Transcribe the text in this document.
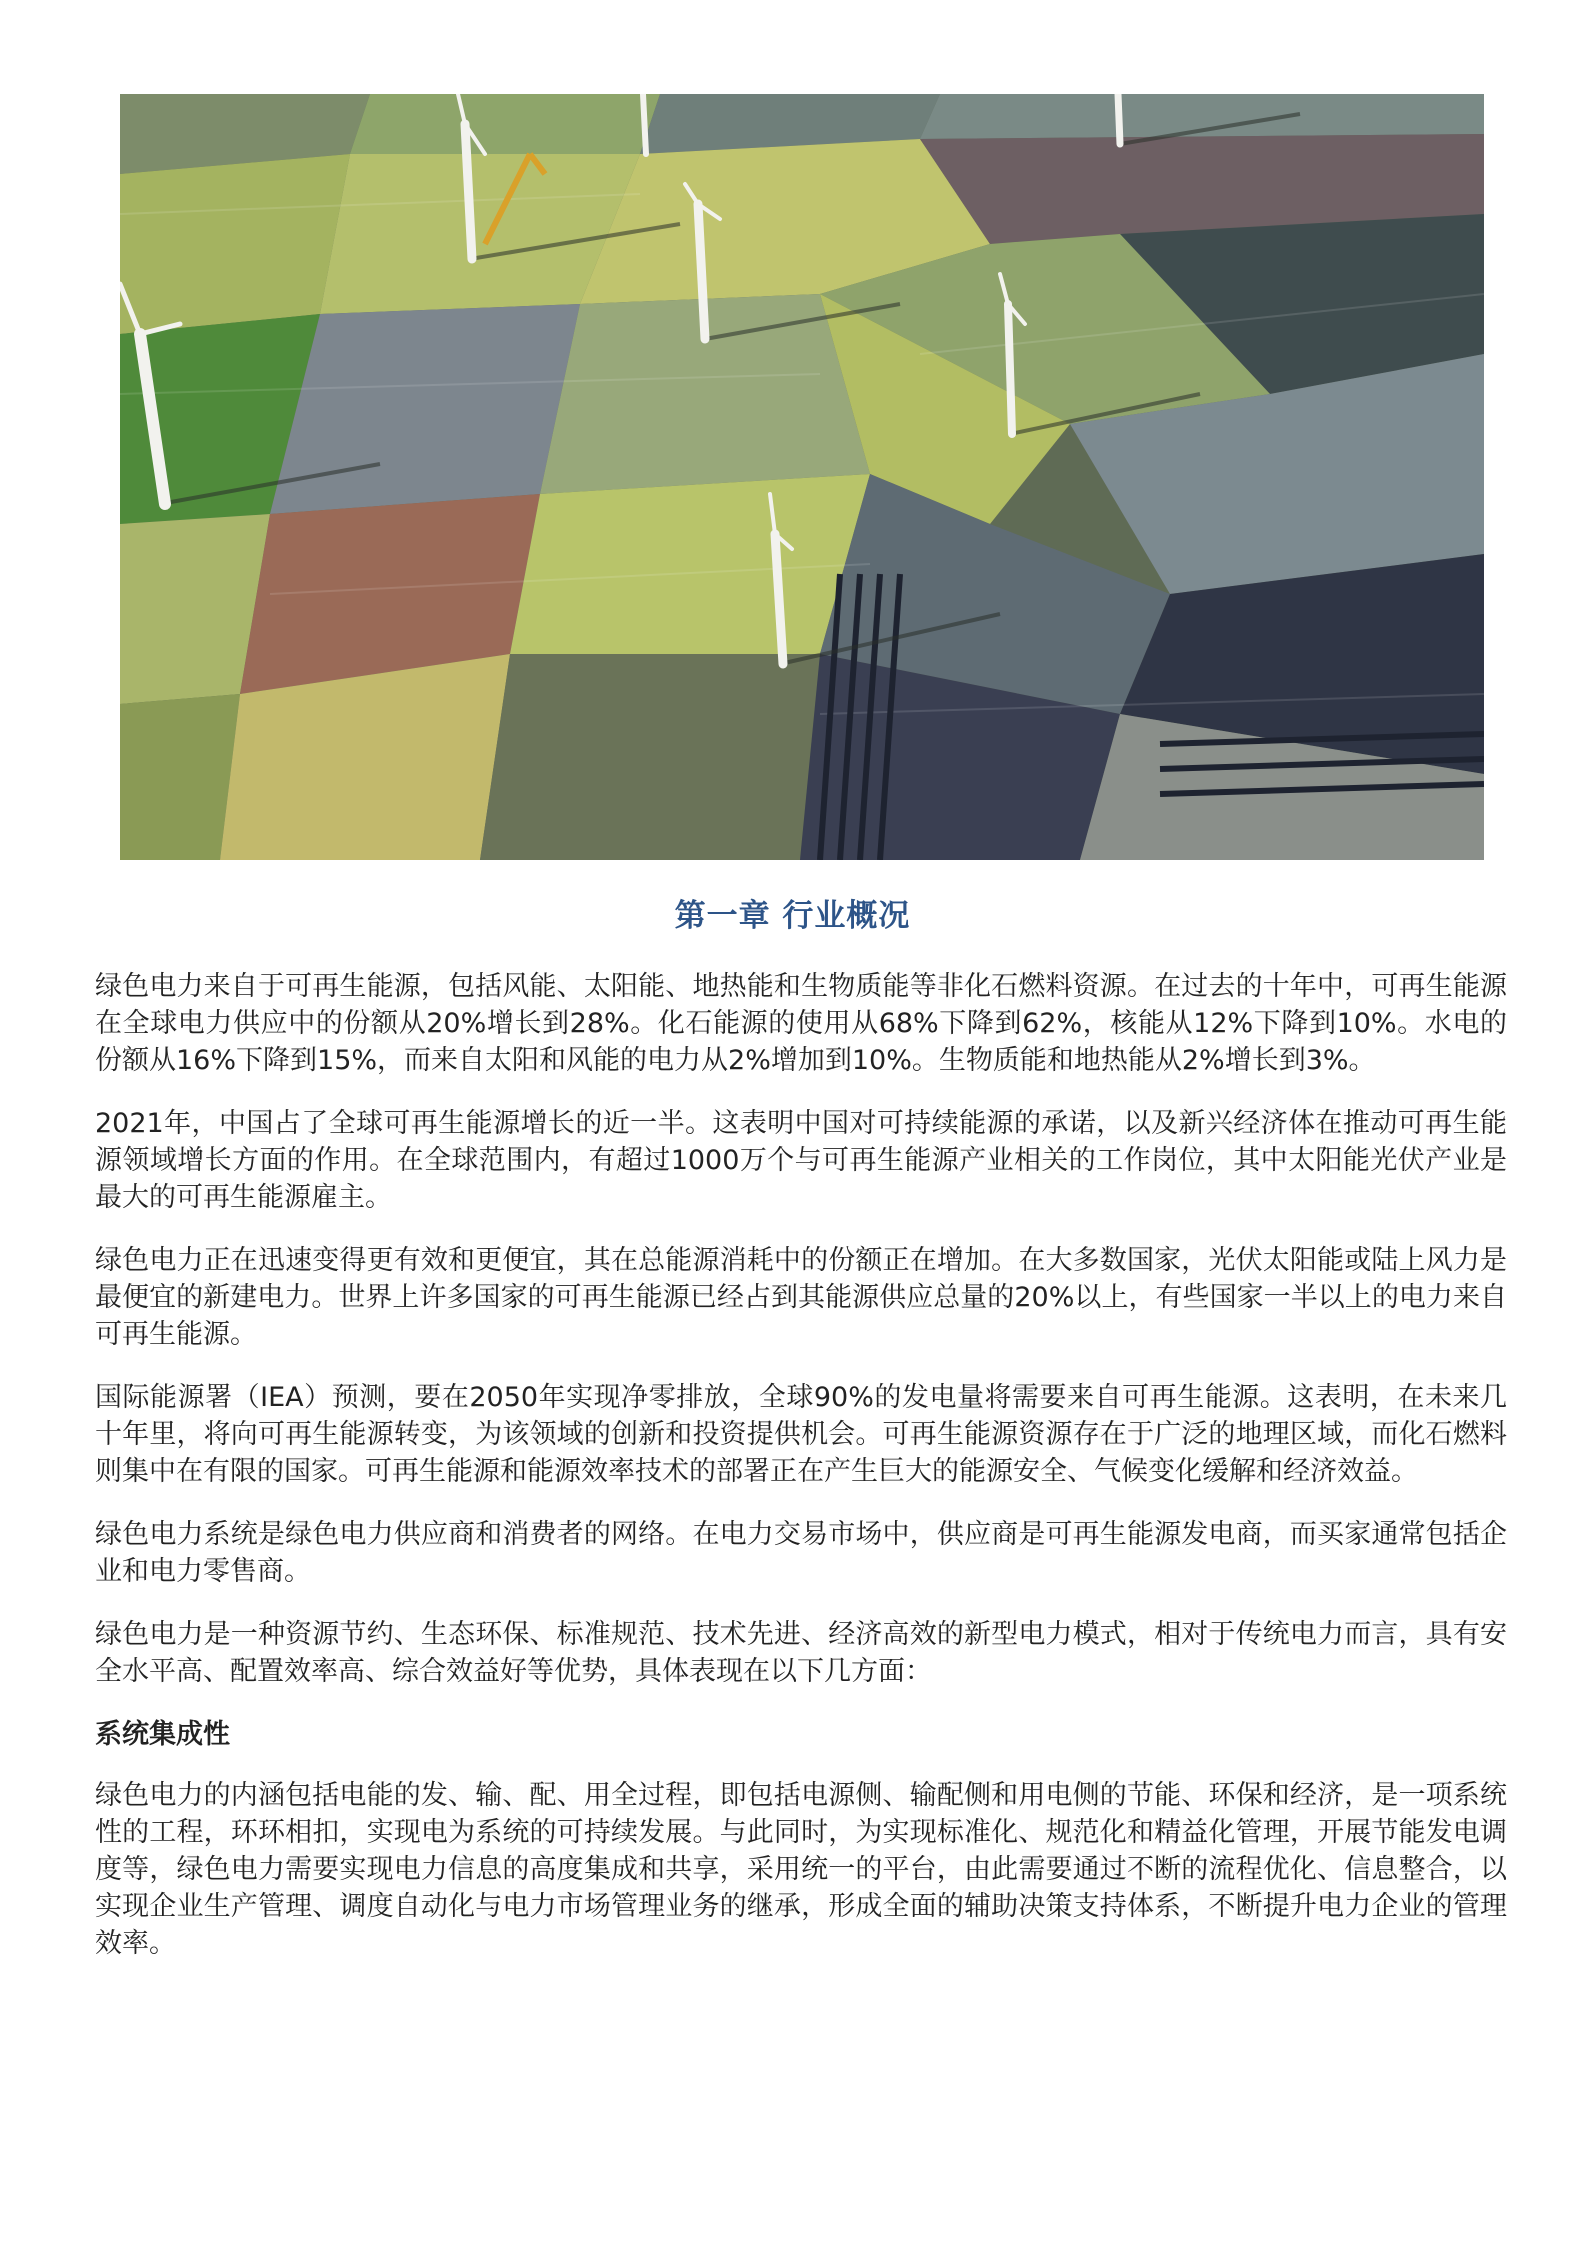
第一章 行业概况

绿色电力来自于可再生能源，包括风能、太阳能、地热能和生物质能等非化石燃料资源。在过去的十年中，可再生能源在全球电力供应中的份额从20%增长到28%。化石能源的使用从68%下降到62%，核能从12%下降到10%。水电的份额从16%下降到15%，而来自太阳和风能的电力从2%增加到10%。生物质能和地热能从2%增长到3%。

2021年，中国占了全球可再生能源增长的近一半。这表明中国对可持续能源的承诺，以及新兴经济体在推动可再生能源领域增长方面的作用。在全球范围内，有超过1000万个与可再生能源产业相关的工作岗位，其中太阳能光伏产业是最大的可再生能源雇主。

绿色电力正在迅速变得更有效和更便宜，其在总能源消耗中的份额正在增加。在大多数国家，光伏太阳能或陆上风力是最便宜的新建电力。世界上许多国家的可再生能源已经占到其能源供应总量的20%以上，有些国家一半以上的电力来自可再生能源。

国际能源署（IEA）预测，要在2050年实现净零排放，全球90%的发电量将需要来自可再生能源。这表明，在未来几十年里，将向可再生能源转变，为该领域的创新和投资提供机会。可再生能源资源存在于广泛的地理区域，而化石燃料则集中在有限的国家。可再生能源和能源效率技术的部署正在产生巨大的能源安全、气候变化缓解和经济效益。

绿色电力系统是绿色电力供应商和消费者的网络。在电力交易市场中，供应商是可再生能源发电商，而买家通常包括企业和电力零售商。

绿色电力是一种资源节约、生态环保、标准规范、技术先进、经济高效的新型电力模式，相对于传统电力而言，具有安全水平高、配置效率高、综合效益好等优势，具体表现在以下几方面：

系统集成性

绿色电力的内涵包括电能的发、输、配、用全过程，即包括电源侧、输配侧和用电侧的节能、环保和经济，是一项系统性的工程，环环相扣，实现电为系统的可持续发展。与此同时，为实现标准化、规范化和精益化管理，开展节能发电调度等，绿色电力需要实现电力信息的高度集成和共享，采用统一的平台，由此需要通过不断的流程优化、信息整合，以实现企业生产管理、调度自动化与电力市场管理业务的继承，形成全面的辅助决策支持体系，不断提升电力企业的管理效率。
